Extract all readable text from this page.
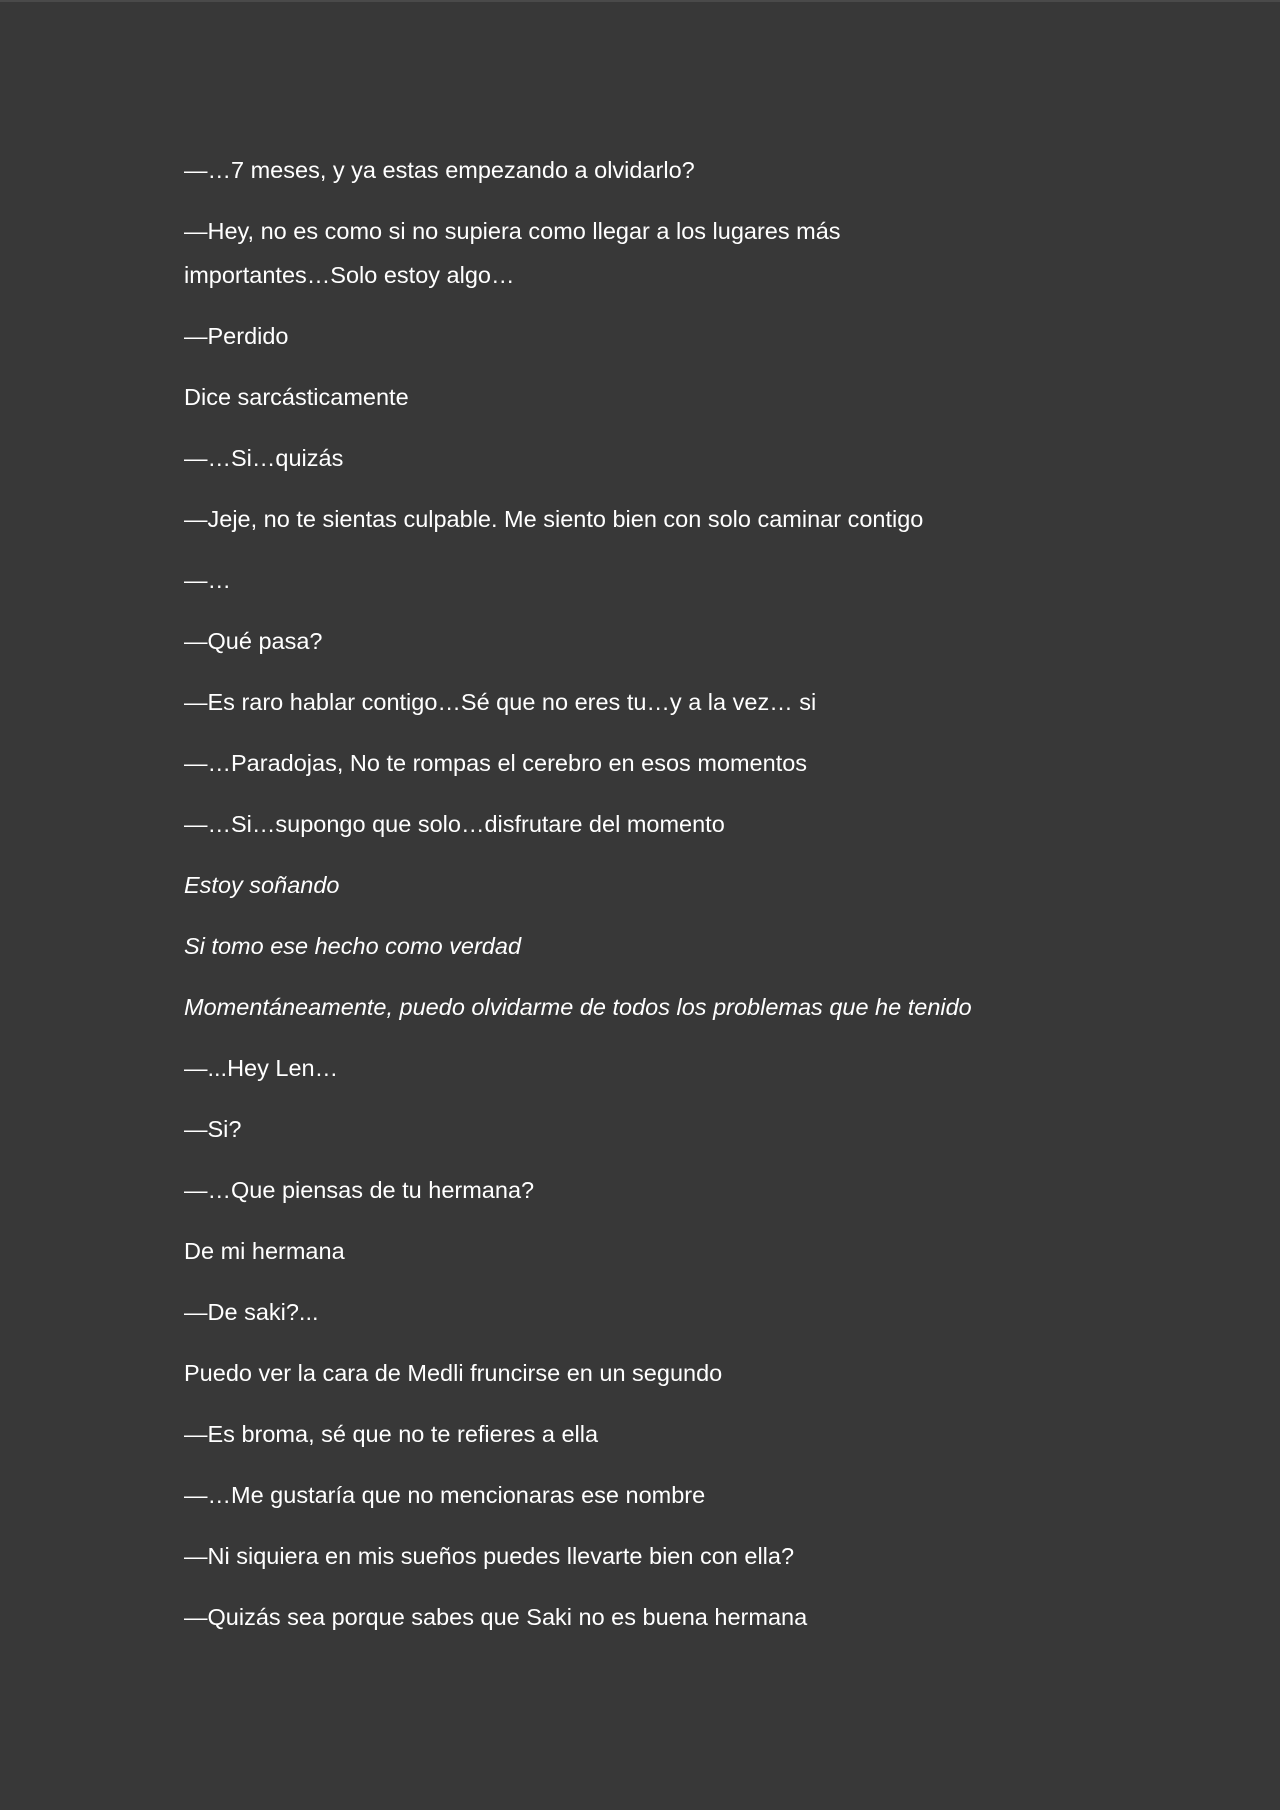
—…7 meses, y ya estas empezando a olvidarlo?

—Hey, no es como si no supiera como llegar a los lugares más importantes…Solo estoy algo…

—Perdido

Dice sarcásticamente

—…Si…quizás

—Jeje, no te sientas culpable. Me siento bien con solo caminar contigo

—…

—Qué pasa?

—Es raro hablar contigo…Sé que no eres tu…y a la vez… si

—…Paradojas, No te rompas el cerebro en esos momentos

—…Si…supongo que solo…disfrutare del momento

Estoy soñando

Si tomo ese hecho como verdad

Momentáneamente, puedo olvidarme de todos los problemas que he tenido

—...Hey Len…

—Si?

—…Que piensas de tu hermana?

De mi hermana

—De saki?...

Puedo ver la cara de Medli fruncirse en un segundo

—Es broma, sé que no te refieres a ella

—…Me gustaría que no mencionaras ese nombre

—Ni siquiera en mis sueños puedes llevarte bien con ella?

—Quizás sea porque sabes que Saki no es buena hermana
